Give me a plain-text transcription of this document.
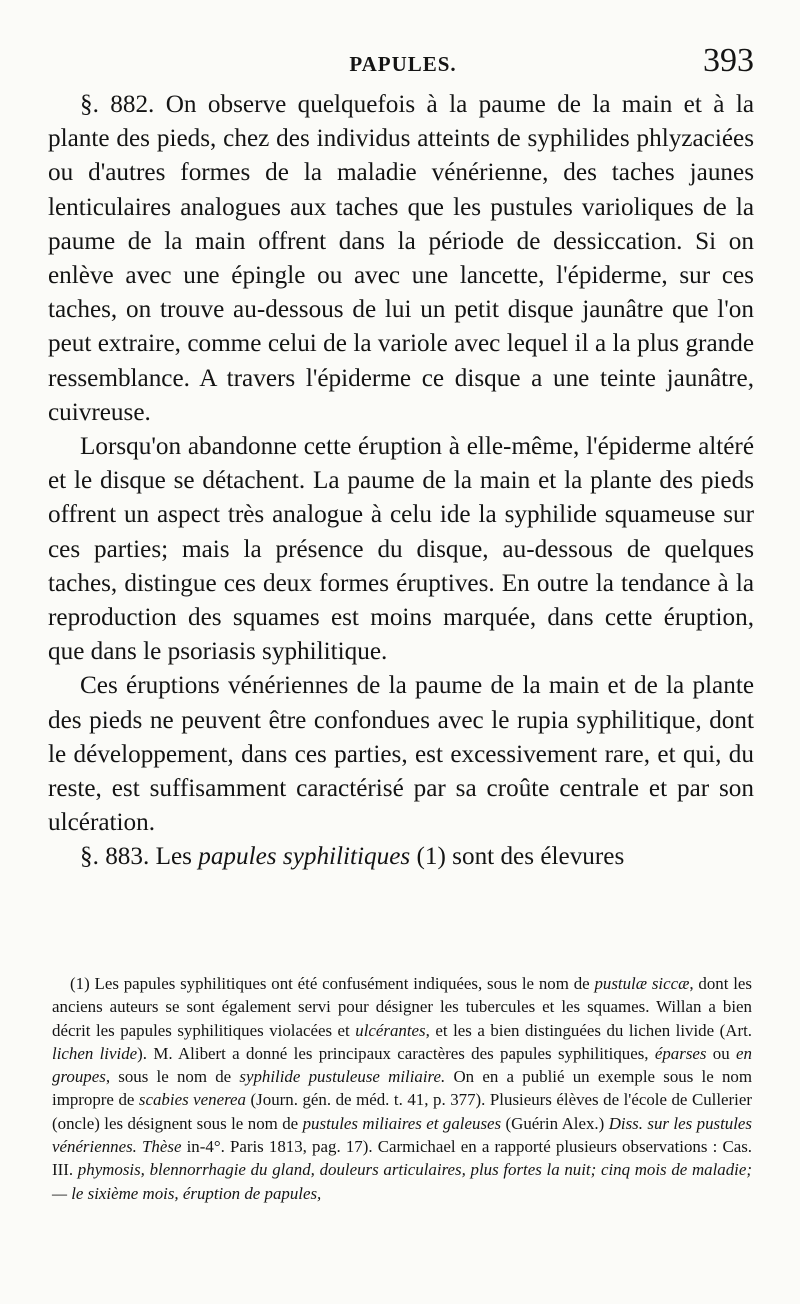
PAPULES.	393

§. 882. On observe quelquefois à la paume de la main et à la plante des pieds, chez des individus atteints de syphilides phlyzaciées ou d'autres formes de la maladie vénérienne, des taches jaunes lenticulaires analogues aux taches que les pustules varioliques de la paume de la main offrent dans la période de dessiccation. Si on enlève avec une épingle ou avec une lancette, l'épiderme, sur ces taches, on trouve au-dessous de lui un petit disque jaunâtre que l'on peut extraire, comme celui de la variole avec lequel il a la plus grande ressemblance. A travers l'épiderme ce disque a une teinte jaunâtre, cuivreuse.

Lorsqu'on abandonne cette éruption à elle-même, l'épiderme altéré et le disque se détachent. La paume de la main et la plante des pieds offrent un aspect très analogue à celu ide la syphilide squameuse sur ces parties; mais la présence du disque, au-dessous de quelques taches, distingue ces deux formes éruptives. En outre la tendance à la reproduction des squames est moins marquée, dans cette éruption, que dans le psoriasis syphilitique.

Ces éruptions vénériennes de la paume de la main et de la plante des pieds ne peuvent être confondues avec le rupia syphilitique, dont le développement, dans ces parties, est excessivement rare, et qui, du reste, est suffisamment caractérisé par sa croûte centrale et par son ulcération.

§. 883. Les papules syphilitiques (1) sont des élevures

(1) Les papules syphilitiques ont été confusément indiquées, sous le nom de pustulæ siccæ, dont les anciens auteurs se sont également servi pour désigner les tubercules et les squames. Willan a bien décrit les papules syphilitiques violacées et ulcérantes, et les a bien distinguées du lichen livide (Art. lichen livide). M. Alibert a donné les principaux caractères des papules syphilitiques, éparses ou en groupes, sous le nom de syphilide pustuleuse miliaire. On en a publié un exemple sous le nom impropre de scabies venerea (Journ. gén. de méd. t. 41, p. 377). Plusieurs élèves de l'école de Cullerier (oncle) les désignent sous le nom de pustules miliaires et galeuses (Guérin Alex.) Diss. sur les pustules vénériennes. Thèse in-4°. Paris 1813, pag. 17). Carmichael en a rapporté plusieurs observations : Cas. III. phymosis, blennorrhagie du gland, douleurs articulaires, plus fortes la nuit; cinq mois de maladie; — le sixième mois, éruption de papules,
